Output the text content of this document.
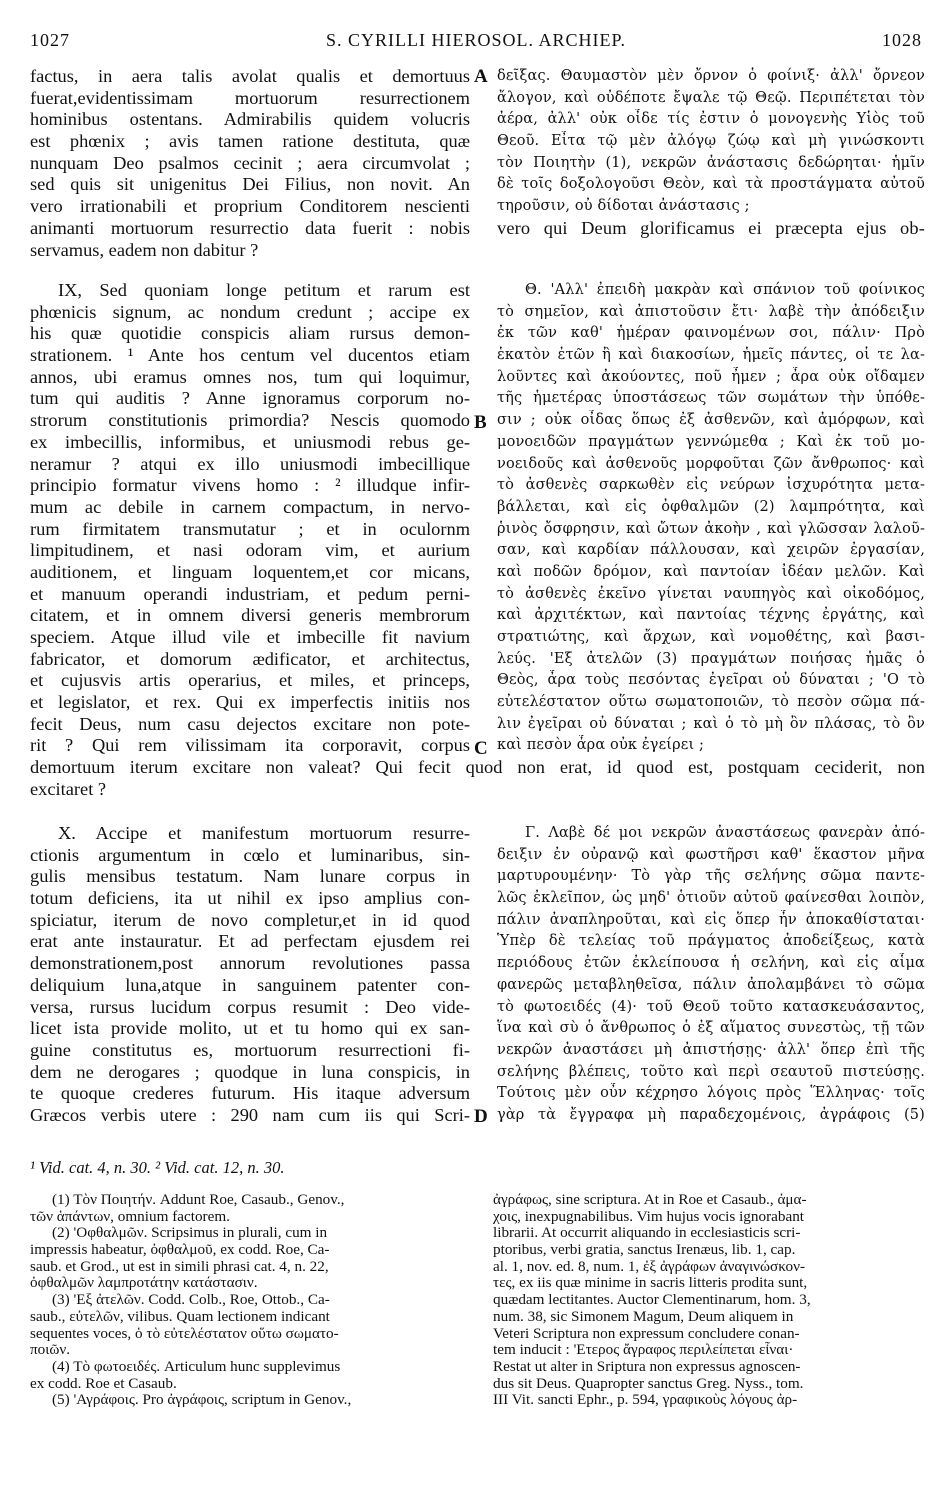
1027	S. CYRILLI HIEROSOL. ARCHIEP.	1028
factus, in aera talis avolat qualis et demortuus
fuerat,evidentissimam mortuorum resurrectionem
hominibus ostentans. Admirabilis quidem volucris
est phœnix ; avis tamen ratione destituta, quæ
nunquam Deo psalmos cecinit ; aera circumvolat ;
sed quis sit unigenitus Dei Filius, non novit. An
vero irrationabili et proprium Conditorem nescienti
animanti mortuorum resurrectio data fuerit : nobis
servamus, eadem non dabitur ?
δεῖξας. Θαυμαστὸν μὲν ὄρνον ὁ φοίνιξ· ἀλλ' ὄρνεον
ἄλογον, καὶ οὐδέποτε ἔψαλε τῷ Θεῷ. Περιπέτεται τὸν
ἀέρα, ἀλλ' οὐκ οἶδε τίς ἐστιν ὁ μονογενὴς Υἱὸς τοῦ
Θεοῦ. Εἶτα τῷ μὲν ἀλόγῳ ζώῳ καὶ μὴ γινώσκοντι
τὸν Ποιητὴν (1), νεκρῶν ἀνάστασις δεδώρηται· ἡμῖν
δὲ τοῖς δοξολογοῦσι Θεὸν, καὶ τὰ προστάγματα αὐτοῦ
τηροῦσιν, οὐ δίδοται ἀνάστασις ;
vero qui Deum glorificamus ei præcepta ejus ob-
A
IX, Sed quoniam longe petitum et rarum est
phœnicis signum, ac nondum credunt ; accipe ex
his quæ quotidie conspicis aliam rursus demon-
strationem. ¹ Ante hos centum vel ducentos etiam
annos, ubi eramus omnes nos, tum qui loquimur,
tum qui auditis ? Anne ignoramus corporum no-
strorum constitutionis primordia? Nescis quomodo
ex imbecillis, informibus, et uniusmodi rebus ge-
neramur ? atqui ex illo uniusmodi imbecillique
principio formatur vivens homo : ² illudque infir-
mum ac debile in carnem compactum, in nervo-
rum firmitatem transmutatur ; et in oculornm
limpitudinem, et nasi odoram vim, et aurium
auditionem, et linguam loquentem,et cor micans,
et manuum operandi industriam, et pedum perni-
citatem, et in omnem diversi generis membrorum
speciem. Atque illud vile et imbecille fit navium
fabricator, et domorum ædificator, et architectus,
et cujusvis artis operarius, et miles, et princeps,
et legislator, et rex. Qui ex imperfectis initiis nos
fecit Deus, num casu dejectos excitare non pote-
rit ? Qui rem vilissimam ita corporavit, corpus
Θ. 'Αλλ' ἐπειδὴ μακρὰν καὶ σπάνιον τοῦ φοίνικος
τὸ σημεῖον, καὶ ἀπιστοῦσιν ἔτι· λαβὲ τὴν ἀπόδειξιν
ἐκ τῶν καθ' ἡμέραν φαινομένων σοι, πάλιν· Πρὸ
ἑκατὸν ἐτῶν ἢ καὶ διακοσίων, ἡμεῖς πάντες, οἱ τε λα-
λοῦντες καὶ ἀκούοντες, ποῦ ἦμεν ; ἆρα οὐκ οἴδαμεν
τῆς ἡμετέρας ὑποστάσεως τῶν σωμάτων τὴν ὑπόθε-
σιν ; οὐκ οἶδας ὅπως ἐξ ἀσθενῶν, καὶ ἀμόρφων, καὶ
μονοειδῶν πραγμάτων γεννώμεθα ; Καὶ ἐκ τοῦ μο-
νοειδοῦς καὶ ἀσθενοῦς μορφοῦται ζῶν ἄνθρωπος· καὶ
τὸ ἀσθενὲς σαρκωθὲν εἰς νεύρων ἰσχυρότητα μετα-
βάλλεται, καὶ εἰς ὀφθαλμῶν (2) λαμπρότητα, καὶ
ῥινὸς ὄσφρησιν, καὶ ὤτων ἀκοὴν , καὶ γλῶσσαν λαλοῦ-
σαν, καὶ καρδίαν πάλλουσαν, καὶ χειρῶν ἐργασίαν,
καὶ ποδῶν δρόμον, καὶ παντοίαν ἰδέαν μελῶν. Καὶ
τὸ ἀσθενὲς ἐκεῖνο γίνεται ναυπηγὸς καὶ οἰκοδόμος,
καὶ ἀρχιτέκτων, καὶ παντοίας τέχνης ἐργάτης, καὶ
στρατιώτης, καὶ ἄρχων, καὶ νομοθέτης, καὶ βασι-
λεύς. 'Εξ ἀτελῶν (3) πραγμάτων ποιήσας ἡμᾶς ὁ
Θεὸς, ἆρα τοὺς πεσόντας ἐγεῖραι οὐ δύναται ; 'Ο τὸ
εὐτελέστατον οὕτω σωματοποιῶν, τὸ πεσὸν σῶμα πά-
λιν ἐγεῖραι οὐ δύναται ; καὶ ὁ τὸ μὴ ὂν πλάσας, τὸ ὂν
καὶ πεσὸν ἆρα οὐκ ἐγείρει ;
B
C
demortuum iterum excitare non valeat? Qui fecit quod non erat, id quod est, postquam ceciderit, non
excitaret ?
X. Accipe et manifestum mortuorum resurre-
ctionis argumentum in cœlo et luminaribus, sin-
gulis mensibus testatum. Nam lunare corpus in
totum deficiens, ita ut nihil ex ipso amplius con-
spiciatur, iterum de novo completur,et in id quod
erat ante instauratur. Et ad perfectam ejusdem rei
demonstrationem,post annorum revolutiones passa
deliquium luna,atque in sanguinem patenter con-
versa, rursus lucidum corpus resumit : Deo vide-
licet ista provide molito, ut et tu homo qui ex san-
guine constitutus es, mortuorum resurrectioni fi-
dem ne derogares ; quodque in luna conspicis, in
te quoque crederes futurum. His itaque adversum
Græcos verbis utere : 290 nam cum iis qui Scri-
Γ. Λαβὲ δέ μοι νεκρῶν ἀναστάσεως φανερὰν ἀπό-
δειξιν ἐν οὐρανῷ καὶ φωστῆρσι καθ' ἕκαστον μῆνα
μαρτυρουμένην· Τὸ γὰρ τῆς σελήνης σῶμα παντε-
λῶς ἐκλεῖπον, ὡς μηδ' ὁτιοῦν αὐτοῦ φαίνεσθαι λοιπὸν,
πάλιν ἀναπληροῦται, καὶ εἰς ὅπερ ἦν ἀποκαθίσταται·
Ὑπὲρ δὲ τελείας τοῦ πράγματος ἀποδείξεως, κατὰ
περιόδους ἐτῶν ἐκλείπουσα ἡ σελήνη, καὶ εἰς αἷμα
φανερῶς μεταβληθεῖσα, πάλιν ἀπολαμβάνει τὸ σῶμα
τὸ φωτοειδές (4)· τοῦ Θεοῦ τοῦτο κατασκευάσαντος,
ἵνα καὶ σὺ ὁ ἄνθρωπος ὁ ἐξ αἵματος συνεστὼς, τῇ τῶν
νεκρῶν ἀναστάσει μὴ ἀπιστήσῃς· ἀλλ' ὅπερ ἐπὶ τῆς
σελήνης βλέπεις, τοῦτο καὶ περὶ σεαυτοῦ πιστεύσῃς.
Τούτοις μὲν οὖν κέχρησο λόγοις πρὸς Ἕλληνας· τοῖς
γὰρ τὰ ἔγγραφα μὴ παραδεχομένοις, ἀγράφοις (5)
D
¹ Vid. cat. 4, n. 30. ² Vid. cat. 12, n. 30.
(1) Τὸν Ποιητήν. Addunt Roe, Casaub., Genov.,
τῶν ἁπάντων, omnium factorem.
(2) 'Οφθαλμῶν. Scripsimus in plurali, cum in
impressis habeatur, ὀφθαλμοῦ, ex codd. Roe, Ca-
saub. et Grod., ut est in simili phrasi cat. 4, n. 22,
ὀφθαλμῶν λαμπροτάτην κατάστασιν.
(3) 'Εξ ἀτελῶν. Codd. Colb., Roe, Ottob., Ca-
saub., εὐτελῶν, vilibus. Quam lectionem indicant
sequentes voces, ὁ τὸ εὐτελέστατον οὕτω σωματο-
ποιῶν.
(4) Τὸ φωτοειδές. Articulum hunc supplevimus
ex codd. Roe et Casaub.
(5) 'Αγράφοις. Pro ἀγράφοις, scriptum in Genov.,
ἀγράφως, sine scriptura. At in Roe et Casaub., ἀμα-
χοις, inexpugnabilibus. Vim hujus vocis ignorabant
librarii. At occurrit aliquando in ecclesiasticis scri-
ptoribus, verbi gratia, sanctus Irenæus, lib. 1, cap.
al. 1, nov. ed. 8, num. 1, ἐξ ἀγράφων ἀναγινώσκον-
τες, ex iis quæ minime in sacris litteris prodita sunt,
quædam lectitantes. Auctor Clementinarum, hom. 3,
num. 38, sic Simonem Magum, Deum aliquem in
Veteri Scriptura non expressum concludere conan-
tem inducit : 'Ετερος ἄγραφος περιλείπεται εἶναι·
Restat ut alter in Sriptura non expressus agnoscen-
dus sit Deus. Quapropter sanctus Greg. Nyss., tom.
III Vit. sancti Ephr., p. 594, γραφικοὺς λόγους ἀρ-
